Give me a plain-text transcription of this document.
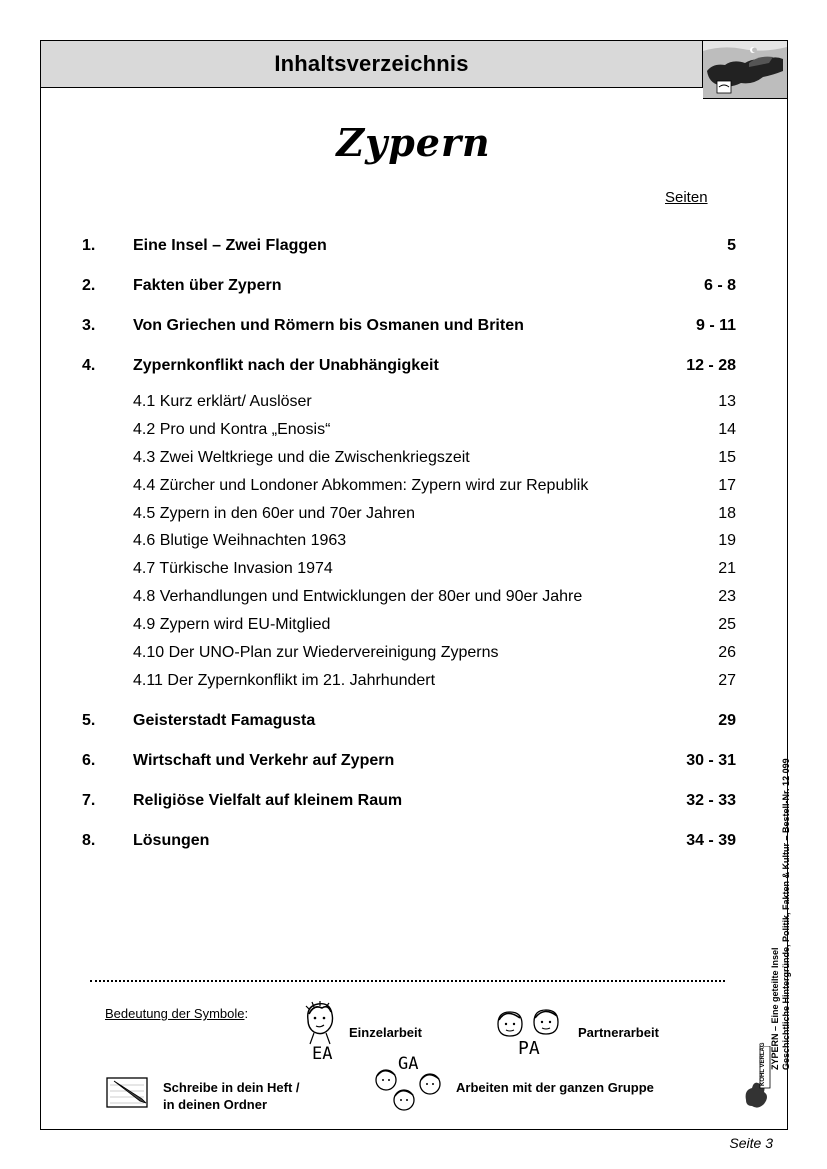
Inhaltsverzeichnis
Zypern
Seiten
1. Eine Insel – Zwei Flaggen	5
2. Fakten über Zypern	6 - 8
3. Von Griechen und Römern bis Osmanen und Briten	9 - 11
4. Zypernkonflikt nach der Unabhängigkeit	12 - 28
4.1 Kurz erklärt/ Auslöser	13
4.2 Pro und Kontra „Enosis“	14
4.3 Zwei Weltkriege und die Zwischenkriegszeit	15
4.4 Zürcher und Londoner Abkommen: Zypern wird zur Republik	17
4.5 Zypern in den 60er und 70er Jahren	18
4.6 Blutige Weihnachten 1963	19
4.7 Türkische Invasion 1974	21
4.8 Verhandlungen und Entwicklungen der 80er und 90er Jahre	23
4.9 Zypern wird EU-Mitglied	25
4.10 Der UNO-Plan zur Wiedervereinigung Zyperns	26
4.11 Der Zypernkonflikt im 21. Jahrhundert	27
5. Geisterstadt Famagusta	29
6. Wirtschaft und Verkehr auf Zypern	30 - 31
7. Religiöse Vielfalt auf kleinem Raum	32 - 33
8. Lösungen	34 - 39
Bedeutung der Symbole:
EA
Einzelarbeit
PA
Partnerarbeit
Schreibe in dein Heft /
in deinen Ordner
GA
Arbeiten mit der ganzen Gruppe
ZYPERN – Eine geteilte Insel Geschichtliche Hintergründe, Politik, Fakten & Kultur – Bestell-Nr. 12 099
KOHL VERLAG
Seite 3
